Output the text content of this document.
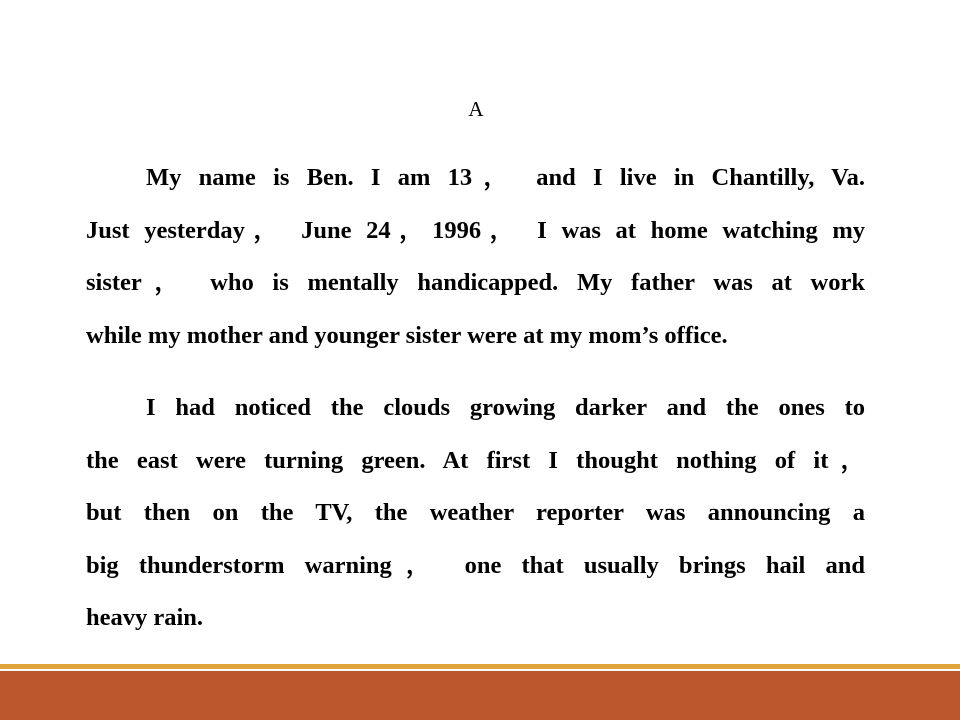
A
My name is Ben. I am 13， and I live in Chantilly, Va.
Just yesterday， June 24，1996， I was at home watching my
sister， who is mentally handicapped. My father was at work
while my mother and younger sister were at my mom’s office.
I had noticed the clouds growing darker and the ones to
the east were turning green. At first I thought nothing of it，
but then on the TV, the weather reporter was announcing a
big thunderstorm warning， one that usually brings hail and
heavy rain.
